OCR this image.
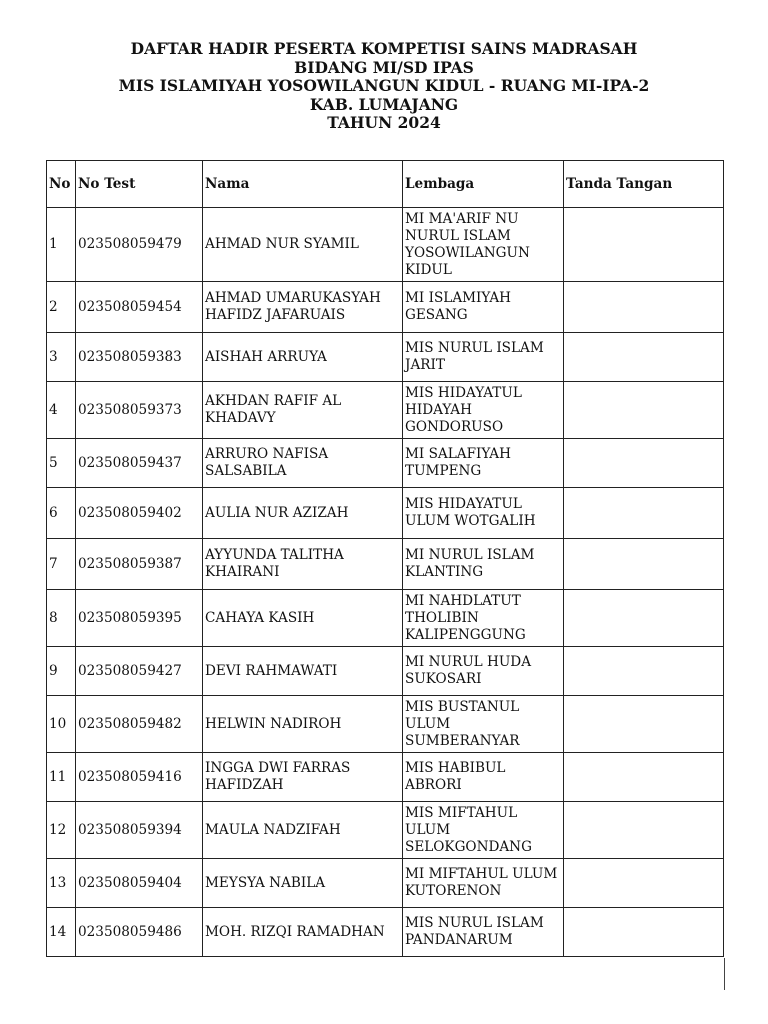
DAFTAR HADIR PESERTA KOMPETISI SAINS MADRASAH
BIDANG MI/SD IPAS
MIS ISLAMIYAH YOSOWILANGUN KIDUL - RUANG MI-IPA-2
KAB. LUMAJANG
TAHUN 2024
No	No Test	Nama	Lembaga	Tanda Tangan
1	023508059479	AHMAD NUR SYAMIL	MI MA'ARIF NU NURUL ISLAM YOSOWILANGUN KIDUL	
2	023508059454	AHMAD UMARUKASYAH HAFIDZ JAFARUAIS	MI ISLAMIYAH GESANG	
3	023508059383	AISHAH ARRUYA	MIS NURUL ISLAM JARIT	
4	023508059373	AKHDAN RAFIF AL KHADAVY	MIS HIDAYATUL HIDAYAH GONDORUSO	
5	023508059437	ARRURO NAFISA SALSABILA	MI SALAFIYAH TUMPENG	
6	023508059402	AULIA NUR AZIZAH	MIS HIDAYATUL ULUM WOTGALIH	
7	023508059387	AYYUNDA TALITHA KHAIRANI	MI NURUL ISLAM KLANTING	
8	023508059395	CAHAYA KASIH	MI NAHDLATUT THOLIBIN KALIPENGGUNG	
9	023508059427	DEVI RAHMAWATI	MI NURUL HUDA SUKOSARI	
10	023508059482	HELWIN NADIROH	MIS BUSTANUL ULUM SUMBERANYAR	
11	023508059416	INGGA DWI FARRAS HAFIDZAH	MIS HABIBUL ABRORI	
12	023508059394	MAULA NADZIFAH	MIS MIFTAHUL ULUM SELOKGONDANG	
13	023508059404	MEYSYA NABILA	MI MIFTAHUL ULUM KUTORENON	
14	023508059486	MOH. RIZQI RAMADHAN	MIS NURUL ISLAM PANDANARUM	
